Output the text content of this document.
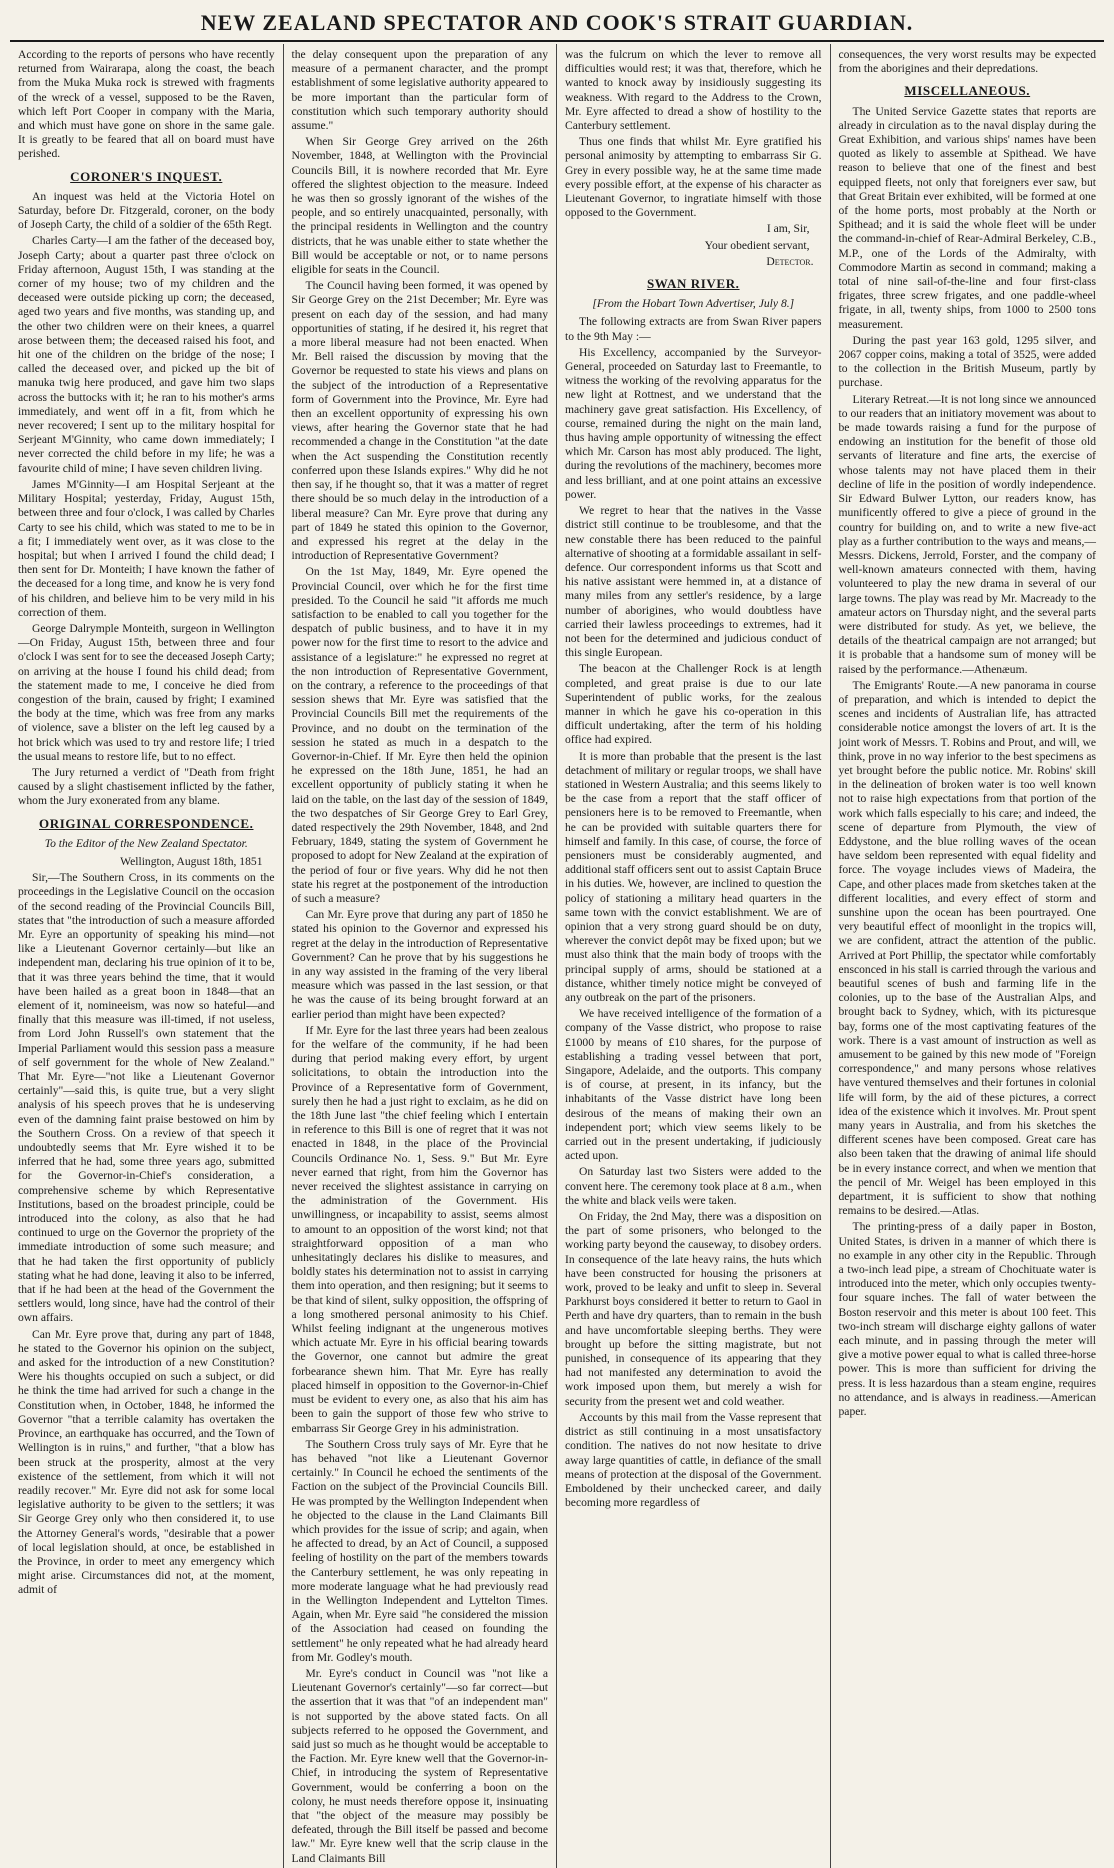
NEW ZEALAND SPECTATOR AND COOK'S STRAIT GUARDIAN.

According to the reports of persons who have recently returned from Wairarapa, along the coast, the beach from the Muka Muka rock is strewed with fragments of the wreck of a vessel, supposed to be the Raven, which left Port Cooper in company with the Maria, and which must have gone on shore in the same gale. It is greatly to be feared that all on board must have perished.

CORONER'S INQUEST.

An inquest was held at the Victoria Hotel on Saturday, before Dr. Fitzgerald, coroner, on the body of Joseph Carty, the child of a soldier of the 65th Regt.

Charles Carty—I am the father of the deceased boy, Joseph Carty; about a quarter past three o'clock on Friday afternoon, August 15th, I was standing at the corner of my house; two of my children and the deceased were outside picking up corn; the deceased, aged two years and five months, was standing up, and the other two children were on their knees, a quarrel arose between them; the deceased raised his foot, and hit one of the children on the bridge of the nose; I called the deceased over, and picked up the bit of manuka twig here produced, and gave him two slaps across the buttocks with it; he ran to his mother's arms immediately, and went off in a fit, from which he never recovered; I sent up to the military hospital for Serjeant M'Ginnity, who came down immediately; I never corrected the child before in my life; he was a favourite child of mine; I have seven children living.

James M'Ginnity—I am Hospital Serjeant at the Military Hospital; yesterday, Friday, August 15th, between three and four o'clock, I was called by Charles Carty to see his child, which was stated to me to be in a fit; I immediately went over, as it was close to the hospital; but when I arrived I found the child dead; I then sent for Dr. Monteith; I have known the father of the deceased for a long time, and know he is very fond of his children, and believe him to be very mild in his correction of them.

George Dalrymple Monteith, surgeon in Wellington—On Friday, August 15th, between three and four o'clock I was sent for to see the deceased Joseph Carty; on arriving at the house I found his child dead; from the statement made to me, I conceive he died from congestion of the brain, caused by fright; I examined the body at the time, which was free from any marks of violence, save a blister on the left leg caused by a hot brick which was used to try and restore life; I tried the usual means to restore life, but to no effect.

The Jury returned a verdict of "Death from fright caused by a slight chastisement inflicted by the father, whom the Jury exonerated from any blame.

ORIGINAL CORRESPONDENCE.
To the Editor of the New Zealand Spectator.
Wellington, August 18th, 1851

Sir,—The Southern Cross, in its comments on the proceedings in the Legislative Council on the occasion of the second reading of the Provincial Councils Bill, states that "the introduction of such a measure afforded Mr. Eyre an opportunity of speaking his mind—not like a Lieutenant Governor certainly—but like an independent man, declaring his true opinion of it to be, that it was three years behind the time, that it would have been hailed as a great boon in 1848—that an element of it, nomineeism, was now so hateful—and finally that this measure was ill-timed, if not useless, from Lord John Russell's own statement that the Imperial Parliament would this session pass a measure of self government for the whole of New Zealand." That Mr. Eyre—"not like a Lieutenant Governor certainly"—said this, is quite true, but a very slight analysis of his speech proves that he is undeserving even of the damning faint praise bestowed on him by the Southern Cross. On a review of that speech it undoubtedly seems that Mr. Eyre wished it to be inferred that he had, some three years ago, submitted for the Governor-in-Chief's consideration, a comprehensive scheme by which Representative Institutions, based on the broadest principle, could be introduced into the colony, as also that he had continued to urge on the Governor the propriety of the immediate introduction of some such measure; and that he had taken the first opportunity of publicly stating what he had done, leaving it also to be inferred, that if he had been at the head of the Government the settlers would, long since, have had the control of their own affairs.

Can Mr. Eyre prove that, during any part of 1848, he stated to the Governor his opinion on the subject, and asked for the introduction of a new Constitution? Were his thoughts occupied on such a subject, or did he think the time had arrived for such a change in the Constitution when, in October, 1848, he informed the Governor "that a terrible calamity has overtaken the Province, an earthquake has occurred, and the Town of Wellington is in ruins," and further, "that a blow has been struck at the prosperity, almost at the very existence of the settlement, from which it will not readily recover." Mr. Eyre did not ask for some local legislative authority to be given to the settlers; it was Sir George Grey only who then considered it, to use the Attorney General's words, "desirable that a power of local legislation should, at once, be established in the Province, in order to meet any emergency which might arise. Circumstances did not, at the moment, admit of

the delay consequent upon the preparation of any measure of a permanent character, and the prompt establishment of some legislative authority appeared to be more important than the particular form of constitution which such temporary authority should assume."

When Sir George Grey arrived on the 26th November, 1848, at Wellington with the Provincial Councils Bill, it is nowhere recorded that Mr. Eyre offered the slightest objection to the measure. Indeed he was then so grossly ignorant of the wishes of the people, and so entirely unacquainted, personally, with the principal residents in Wellington and the country districts, that he was unable either to state whether the Bill would be acceptable or not, or to name persons eligible for seats in the Council.

The Council having been formed, it was opened by Sir George Grey on the 21st December; Mr. Eyre was present on each day of the session, and had many opportunities of stating, if he desired it, his regret that a more liberal measure had not been enacted. When Mr. Bell raised the discussion by moving that the Governor be requested to state his views and plans on the subject of the introduction of a Representative form of Government into the Province, Mr. Eyre had then an excellent opportunity of expressing his own views, after hearing the Governor state that he had recommended a change in the Constitution "at the date when the Act suspending the Constitution recently conferred upon these Islands expires." Why did he not then say, if he thought so, that it was a matter of regret there should be so much delay in the introduction of a liberal measure? Can Mr. Eyre prove that during any part of 1849 he stated this opinion to the Governor, and expressed his regret at the delay in the introduction of Representative Government?

On the 1st May, 1849, Mr. Eyre opened the Provincial Council, over which he for the first time presided. To the Council he said "it affords me much satisfaction to be enabled to call you together for the despatch of public business, and to have it in my power now for the first time to resort to the advice and assistance of a legislature:" he expressed no regret at the non introduction of Representative Government, on the contrary, a reference to the proceedings of that session shews that Mr. Eyre was satisfied that the Provincial Councils Bill met the requirements of the Province, and no doubt on the termination of the session he stated as much in a despatch to the Governor-in-Chief. If Mr. Eyre then held the opinion he expressed on the 18th June, 1851, he had an excellent opportunity of publicly stating it when he laid on the table, on the last day of the session of 1849, the two despatches of Sir George Grey to Earl Grey, dated respectively the 29th November, 1848, and 2nd February, 1849, stating the system of Government he proposed to adopt for New Zealand at the expiration of the period of four or five years. Why did he not then state his regret at the postponement of the introduction of such a measure?

Can Mr. Eyre prove that during any part of 1850 he stated his opinion to the Governor and expressed his regret at the delay in the introduction of Representative Government? Can he prove that by his suggestions he in any way assisted in the framing of the very liberal measure which was passed in the last session, or that he was the cause of its being brought forward at an earlier period than might have been expected?

If Mr. Eyre for the last three years had been zealous for the welfare of the community, if he had been during that period making every effort, by urgent solicitations, to obtain the introduction into the Province of a Representative form of Government, surely then he had a just right to exclaim, as he did on the 18th June last "the chief feeling which I entertain in reference to this Bill is one of regret that it was not enacted in 1848, in the place of the Provincial Councils Ordinance No. 1, Sess. 9." But Mr. Eyre never earned that right, from him the Governor has never received the slightest assistance in carrying on the administration of the Government. His unwillingness, or incapability to assist, seems almost to amount to an opposition of the worst kind; not that straightforward opposition of a man who unhesitatingly declares his dislike to measures, and boldly states his determination not to assist in carrying them into operation, and then resigning; but it seems to be that kind of silent, sulky opposition, the offspring of a long smothered personal animosity to his Chief. Whilst feeling indignant at the ungenerous motives which actuate Mr. Eyre in his official bearing towards the Governor, one cannot but admire the great forbearance shewn him. That Mr. Eyre has really placed himself in opposition to the Governor-in-Chief must be evident to every one, as also that his aim has been to gain the support of those few who strive to embarrass Sir George Grey in his administration.

The Southern Cross truly says of Mr. Eyre that he has behaved "not like a Lieutenant Governor certainly." In Council he echoed the sentiments of the Faction on the subject of the Provincial Councils Bill. He was prompted by the Wellington Independent when he objected to the clause in the Land Claimants Bill which provides for the issue of scrip; and again, when he affected to dread, by an Act of Council, a supposed feeling of hostility on the part of the members towards the Canterbury settlement, he was only repeating in more moderate language what he had previously read in the Wellington Independent and Lyttelton Times. Again, when Mr. Eyre said "he considered the mission of the Association had ceased on founding the settlement" he only repeated what he had already heard from Mr. Godley's mouth.

Mr. Eyre's conduct in Council was "not like a Lieutenant Governor's certainly"—so far correct—but the assertion that it was that "of an independent man" is not supported by the above stated facts. On all subjects referred to he opposed the Government, and said just so much as he thought would be acceptable to the Faction. Mr. Eyre knew well that the Governor-in-Chief, in introducing the system of Representative Government, would be conferring a boon on the colony, he must needs therefore oppose it, insinuating that "the object of the measure may possibly be defeated, through the Bill itself be passed and become law." Mr. Eyre knew well that the scrip clause in the Land Claimants Bill

was the fulcrum on which the lever to remove all difficulties would rest; it was that, therefore, which he wanted to knock away by insidiously suggesting its weakness. With regard to the Address to the Crown, Mr. Eyre affected to dread a show of hostility to the Canterbury settlement.

Thus one finds that whilst Mr. Eyre gratified his personal animosity by attempting to embarrass Sir G. Grey in every possible way, he at the same time made every possible effort, at the expense of his character as Lieutenant Governor, to ingratiate himself with those opposed to the Government.

I am, Sir,
Your obedient servant,
Detector.
SWAN RIVER.
[From the Hobart Town Advertiser, July 8.]

The following extracts are from Swan River papers to the 9th May :—

His Excellency, accompanied by the Surveyor-General, proceeded on Saturday last to Freemantle, to witness the working of the revolving apparatus for the new light at Rottnest, and we understand that the machinery gave great satisfaction. His Excellency, of course, remained during the night on the main land, thus having ample opportunity of witnessing the effect which Mr. Carson has most ably produced. The light, during the revolutions of the machinery, becomes more and less brilliant, and at one point attains an excessive power.

We regret to hear that the natives in the Vasse district still continue to be troublesome, and that the new constable there has been reduced to the painful alternative of shooting at a formidable assailant in self-defence. Our correspondent informs us that Scott and his native assistant were hemmed in, at a distance of many miles from any settler's residence, by a large number of aborigines, who would doubtless have carried their lawless proceedings to extremes, had it not been for the determined and judicious conduct of this single European.

The beacon at the Challenger Rock is at length completed, and great praise is due to our late Superintendent of public works, for the zealous manner in which he gave his co-operation in this difficult undertaking, after the term of his holding office had expired.

It is more than probable that the present is the last detachment of military or regular troops, we shall have stationed in Western Australia; and this seems likely to be the case from a report that the staff officer of pensioners here is to be removed to Freemantle, when he can be provided with suitable quarters there for himself and family. In this case, of course, the force of pensioners must be considerably augmented, and additional staff officers sent out to assist Captain Bruce in his duties. We, however, are inclined to question the policy of stationing a military head quarters in the same town with the convict establishment. We are of opinion that a very strong guard should be on duty, wherever the convict depôt may be fixed upon; but we must also think that the main body of troops with the principal supply of arms, should be stationed at a distance, whither timely notice might be conveyed of any outbreak on the part of the prisoners.

We have received intelligence of the formation of a company of the Vasse district, who propose to raise £1000 by means of £10 shares, for the purpose of establishing a trading vessel between that port, Singapore, Adelaide, and the outports. This company is of course, at present, in its infancy, but the inhabitants of the Vasse district have long been desirous of the means of making their own an independent port; which view seems likely to be carried out in the present undertaking, if judiciously acted upon.

On Saturday last two Sisters were added to the convent here. The ceremony took place at 8 a.m., when the white and black veils were taken.

On Friday, the 2nd May, there was a disposition on the part of some prisoners, who belonged to the working party beyond the causeway, to disobey orders. In consequence of the late heavy rains, the huts which have been constructed for housing the prisoners at work, proved to be leaky and unfit to sleep in. Several Parkhurst boys considered it better to return to Gaol in Perth and have dry quarters, than to remain in the bush and have uncomfortable sleeping berths. They were brought up before the sitting magistrate, but not punished, in consequence of its appearing that they had not manifested any determination to avoid the work imposed upon them, but merely a wish for security from the present wet and cold weather.

Accounts by this mail from the Vasse represent that district as still continuing in a most unsatisfactory condition. The natives do not now hesitate to drive away large quantities of cattle, in defiance of the small means of protection at the disposal of the Government. Emboldened by their unchecked career, and daily becoming more regardless of

consequences, the very worst results may be expected from the aborigines and their depredations.

MISCELLANEOUS.

The United Service Gazette states that reports are already in circulation as to the naval display during the Great Exhibition, and various ships' names have been quoted as likely to assemble at Spithead. We have reason to believe that one of the finest and best equipped fleets, not only that foreigners ever saw, but that Great Britain ever exhibited, will be formed at one of the home ports, most probably at the North or Spithead; and it is said the whole fleet will be under the command-in-chief of Rear-Admiral Berkeley, C.B., M.P., one of the Lords of the Admiralty, with Commodore Martin as second in command; making a total of nine sail-of-the-line and four first-class frigates, three screw frigates, and one paddle-wheel frigate, in all, twenty ships, from 1000 to 2500 tons measurement.

During the past year 163 gold, 1295 silver, and 2067 copper coins, making a total of 3525, were added to the collection in the British Museum, partly by purchase.

Literary Retreat.—It is not long since we announced to our readers that an initiatory movement was about to be made towards raising a fund for the purpose of endowing an institution for the benefit of those old servants of literature and fine arts, the exercise of whose talents may not have placed them in their decline of life in the position of wordly independence. Sir Edward Bulwer Lytton, our readers know, has munificently offered to give a piece of ground in the country for building on, and to write a new five-act play as a further contribution to the ways and means,—Messrs. Dickens, Jerrold, Forster, and the company of well-known amateurs connected with them, having volunteered to play the new drama in several of our large towns. The play was read by Mr. Macready to the amateur actors on Thursday night, and the several parts were distributed for study. As yet, we believe, the details of the theatrical campaign are not arranged; but it is probable that a handsome sum of money will be raised by the performance.—Athenæum.

The Emigrants' Route.—A new panorama in course of preparation, and which is intended to depict the scenes and incidents of Australian life, has attracted considerable notice amongst the lovers of art. It is the joint work of Messrs. T. Robins and Prout, and will, we think, prove in no way inferior to the best specimens as yet brought before the public notice. Mr. Robins' skill in the delineation of broken water is too well known not to raise high expectations from that portion of the work which falls especially to his care; and indeed, the scene of departure from Plymouth, the view of Eddystone, and the blue rolling waves of the ocean have seldom been represented with equal fidelity and force. The voyage includes views of Madeira, the Cape, and other places made from sketches taken at the different localities, and every effect of storm and sunshine upon the ocean has been pourtrayed. One very beautiful effect of moonlight in the tropics will, we are confident, attract the attention of the public. Arrived at Port Phillip, the spectator while comfortably ensconced in his stall is carried through the various and beautiful scenes of bush and farming life in the colonies, up to the base of the Australian Alps, and brought back to Sydney, which, with its picturesque bay, forms one of the most captivating features of the work. There is a vast amount of instruction as well as amusement to be gained by this new mode of "Foreign correspondence," and many persons whose relatives have ventured themselves and their fortunes in colonial life will form, by the aid of these pictures, a correct idea of the existence which it involves. Mr. Prout spent many years in Australia, and from his sketches the different scenes have been composed. Great care has also been taken that the drawing of animal life should be in every instance correct, and when we mention that the pencil of Mr. Weigel has been employed in this department, it is sufficient to show that nothing remains to be desired.—Atlas.

The printing-press of a daily paper in Boston, United States, is driven in a manner of which there is no example in any other city in the Republic. Through a two-inch lead pipe, a stream of Chochituate water is introduced into the meter, which only occupies twenty-four square inches. The fall of water between the Boston reservoir and this meter is about 100 feet. This two-inch stream will discharge eighty gallons of water each minute, and in passing through the meter will give a motive power equal to what is called three-horse power. This is more than sufficient for driving the press. It is less hazardous than a steam engine, requires no attendance, and is always in readiness.—American paper.
